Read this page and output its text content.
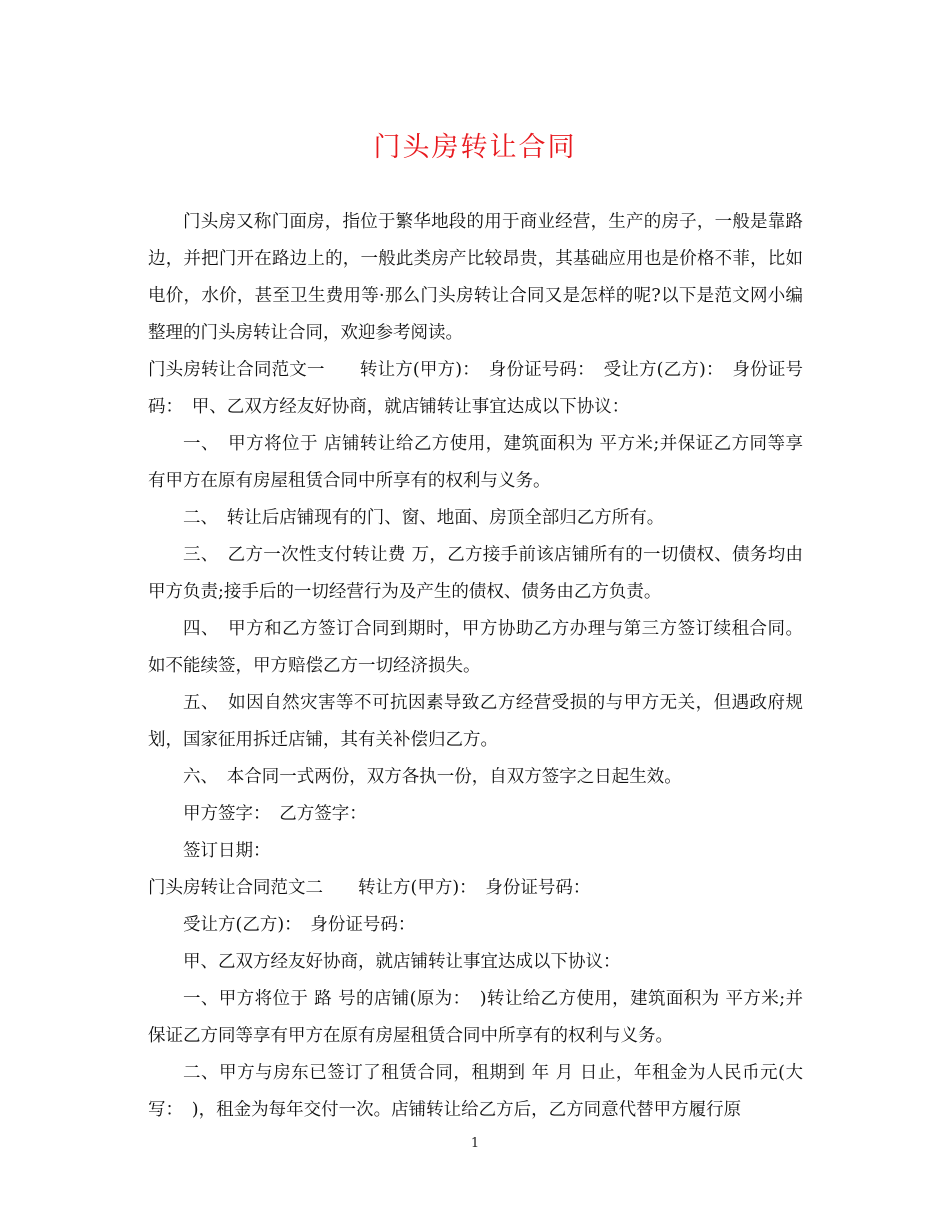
门头房转让合同

门头房又称门面房，指位于繁华地段的用于商业经营，生产的房子，一般是靠路边，并把门开在路边上的，一般此类房产比较昂贵，其基础应用也是价格不菲，比如电价，水价，甚至卫生费用等·那么门头房转让合同又是怎样的呢?以下是范文网小编整理的门头房转让合同，欢迎参考阅读。

门头房转让合同范文一　　转让方(甲方)：　身份证号码：　受让方(乙方)：　身份证号码：　甲、乙双方经友好协商，就店铺转让事宜达成以下协议：

一、　甲方将位于 店铺转让给乙方使用，建筑面积为 平方米;并保证乙方同等享有甲方在原有房屋租赁合同中所享有的权利与义务。

二、　转让后店铺现有的门、窗、地面、房顶全部归乙方所有。

三、　乙方一次性支付转让费 万，乙方接手前该店铺所有的一切债权、债务均由甲方负责;接手后的一切经营行为及产生的债权、债务由乙方负责。

四、　甲方和乙方签订合同到期时，甲方协助乙方办理与第三方签订续租合同。如不能续签，甲方赔偿乙方一切经济损失。

五、　如因自然灾害等不可抗因素导致乙方经营受损的与甲方无关，但遇政府规划，国家征用拆迁店铺，其有关补偿归乙方。

六、　本合同一式两份，双方各执一份，自双方签字之日起生效。

甲方签字：　乙方签字：

签订日期：

门头房转让合同范文二　　转让方(甲方)：　身份证号码：

受让方(乙方)：　身份证号码：

甲、乙双方经友好协商，就店铺转让事宜达成以下协议：

一、甲方将位于 路 号的店铺(原为：　)转让给乙方使用，建筑面积为 平方米;并保证乙方同等享有甲方在原有房屋租赁合同中所享有的权利与义务。

二、甲方与房东已签订了租赁合同，租期到 年 月 日止，年租金为人民币元(大写：　)，租金为每年交付一次。店铺转让给乙方后，乙方同意代替甲方履行原

1
